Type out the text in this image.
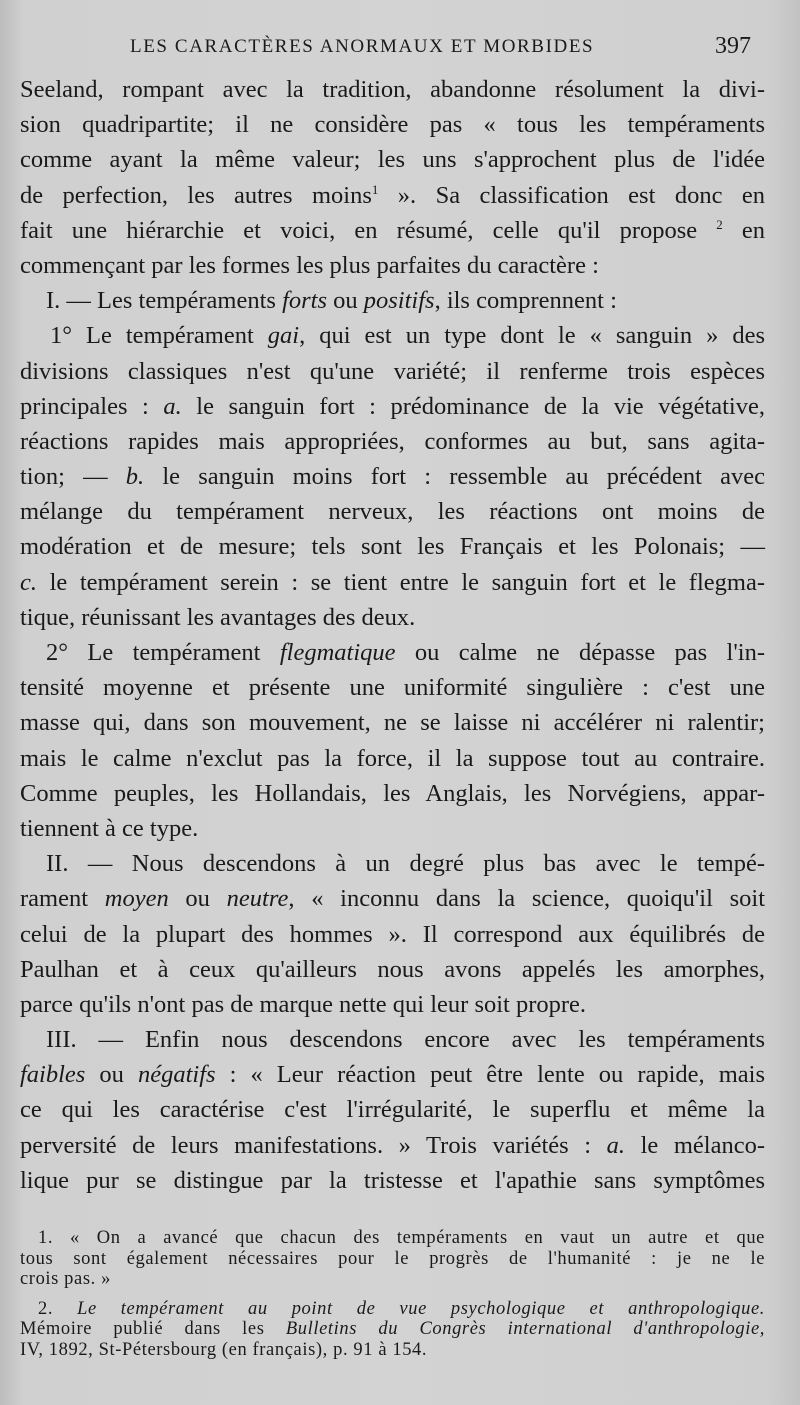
LES CARACTÈRES ANORMAUX ET MORBIDES	397
Seeland, rompant avec la tradition, abandonne résolument la divi-
sion quadripartite; il ne considère pas « tous les tempéraments
comme ayant la même valeur; les uns s'approchent plus de l'idée
de perfection, les autres moins$^1$ ». Sa classification est donc en
fait une hiérarchie et voici, en résumé, celle qu'il propose $^2$ en
commençant par les formes les plus parfaites du caractère :
I. — Les tempéraments forts ou positifs, ils comprennent :
1° Le tempérament gai, qui est un type dont le « sanguin » des
divisions classiques n'est qu'une variété; il renferme trois espèces
principales : a. le sanguin fort : prédominance de la vie végétative,
réactions rapides mais appropriées, conformes au but, sans agita-
tion; — b. le sanguin moins fort : ressemble au précédent avec
mélange du tempérament nerveux, les réactions ont moins de
modération et de mesure; tels sont les Français et les Polonais; —
c. le tempérament serein : se tient entre le sanguin fort et le flegma-
tique, réunissant les avantages des deux.
2° Le tempérament flegmatique ou calme ne dépasse pas l'in-
tensité moyenne et présente une uniformité singulière : c'est une
masse qui, dans son mouvement, ne se laisse ni accélérer ni ralentir;
mais le calme n'exclut pas la force, il la suppose tout au contraire.
Comme peuples, les Hollandais, les Anglais, les Norvégiens, appar-
tiennent à ce type.
II. — Nous descendons à un degré plus bas avec le tempé-
rament moyen ou neutre, « inconnu dans la science, quoiqu'il soit
celui de la plupart des hommes ». Il correspond aux équilibrés de
Paulhan et à ceux qu'ailleurs nous avons appelés les amorphes,
parce qu'ils n'ont pas de marque nette qui leur soit propre.
III. — Enfin nous descendons encore avec les tempéraments
faibles ou négatifs : « Leur réaction peut être lente ou rapide, mais
ce qui les caractérise c'est l'irrégularité, le superflu et même la
perversité de leurs manifestations. » Trois variétés : a. le mélanco-
lique pur se distingue par la tristesse et l'apathie sans symptômes
1. « On a avancé que chacun des tempéraments en vaut un autre et que
tous sont également nécessaires pour le progrès de l'humanité : je ne le
crois pas. »
2. Le tempérament au point de vue psychologique et anthropologique.
Mémoire publié dans les Bulletins du Congrès international d'anthropologie,
IV, 1892, St-Pétersbourg (en français), p. 91 à 154.
